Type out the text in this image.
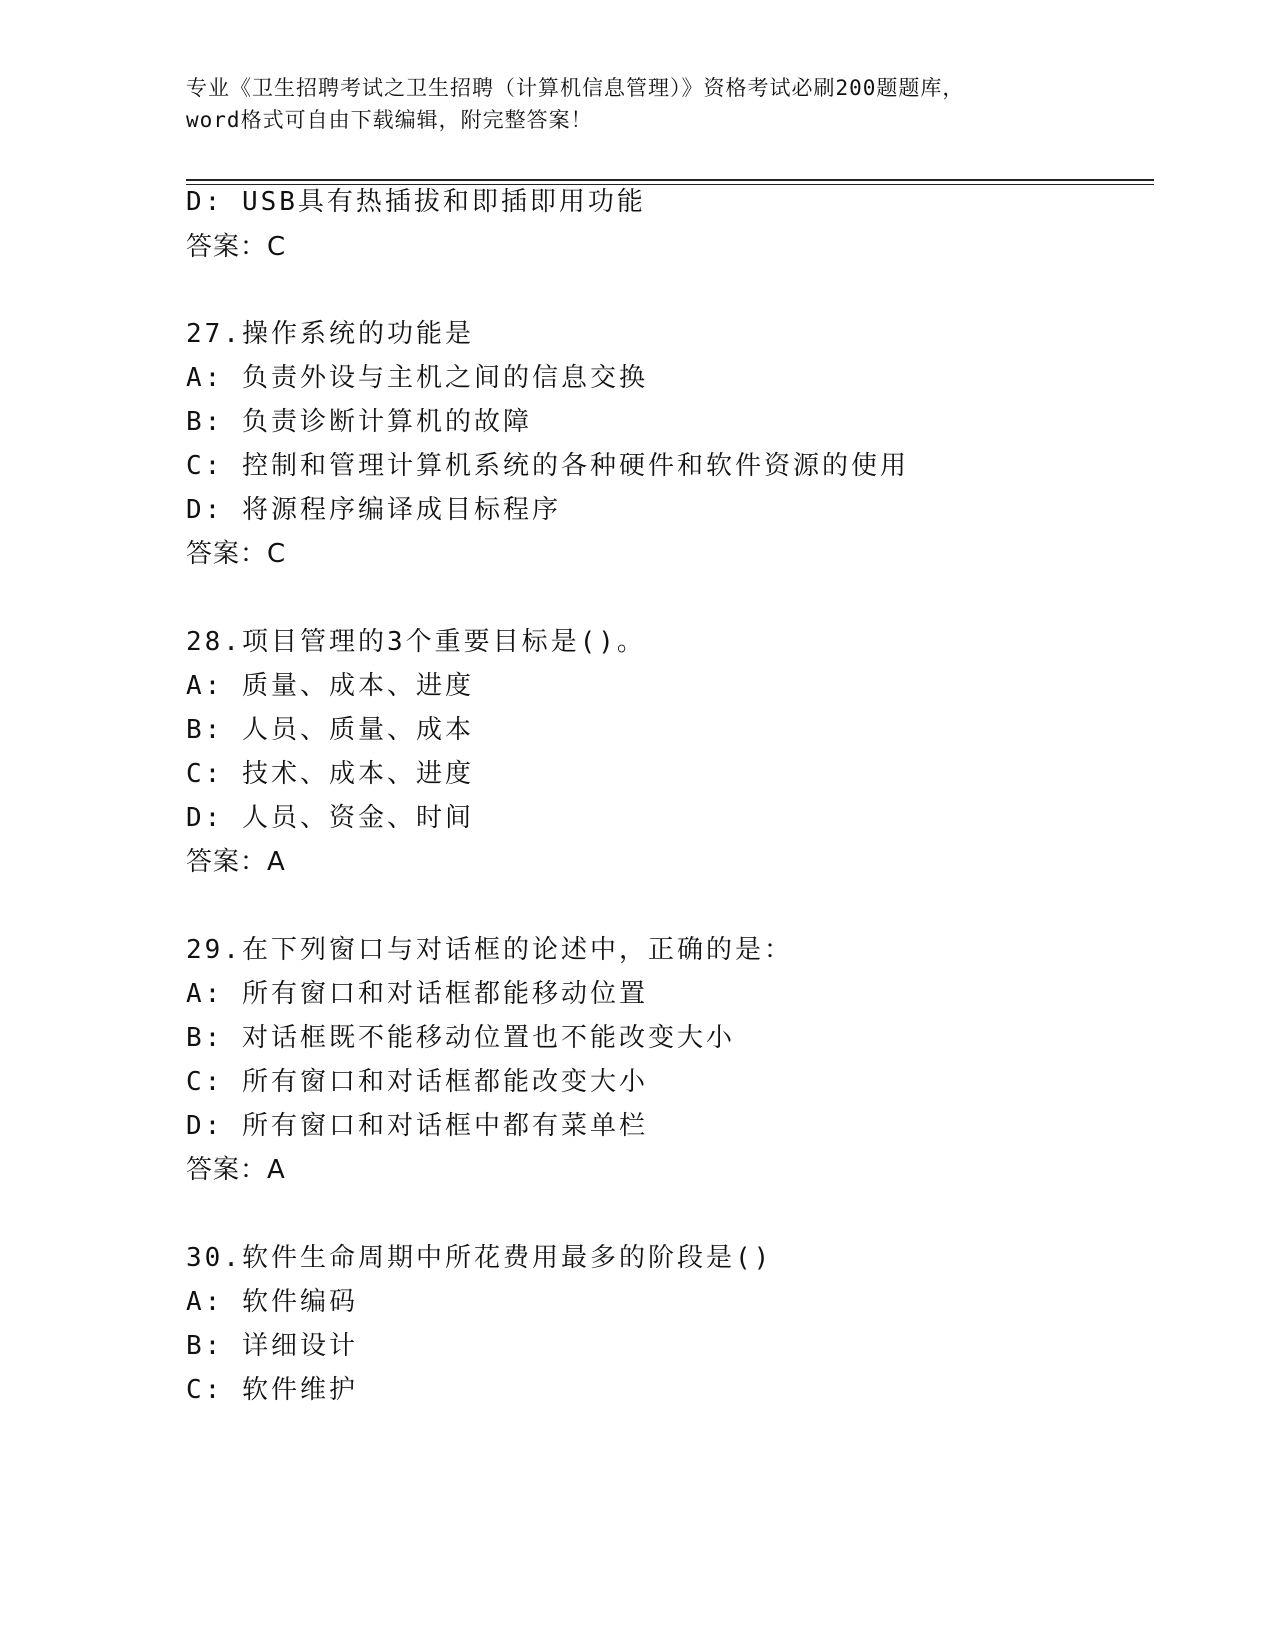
专业《卫生招聘考试之卫生招聘（计算机信息管理）》资格考试必刷200题题库，
word格式可自由下载编辑，附完整答案！
D: USB具有热插拔和即插即用功能
答案：C
27.操作系统的功能是
A: 负责外设与主机之间的信息交换
B: 负责诊断计算机的故障
C: 控制和管理计算机系统的各种硬件和软件资源的使用
D: 将源程序编译成目标程序
答案：C
28.项目管理的3个重要目标是()。
A: 质量、成本、进度
B: 人员、质量、成本
C: 技术、成本、进度
D: 人员、资金、时间
答案：A
29.在下列窗口与对话框的论述中，正确的是：
A: 所有窗口和对话框都能移动位置
B: 对话框既不能移动位置也不能改变大小
C: 所有窗口和对话框都能改变大小
D: 所有窗口和对话框中都有菜单栏
答案：A
30.软件生命周期中所花费用最多的阶段是()
A: 软件编码
B: 详细设计
C: 软件维护
